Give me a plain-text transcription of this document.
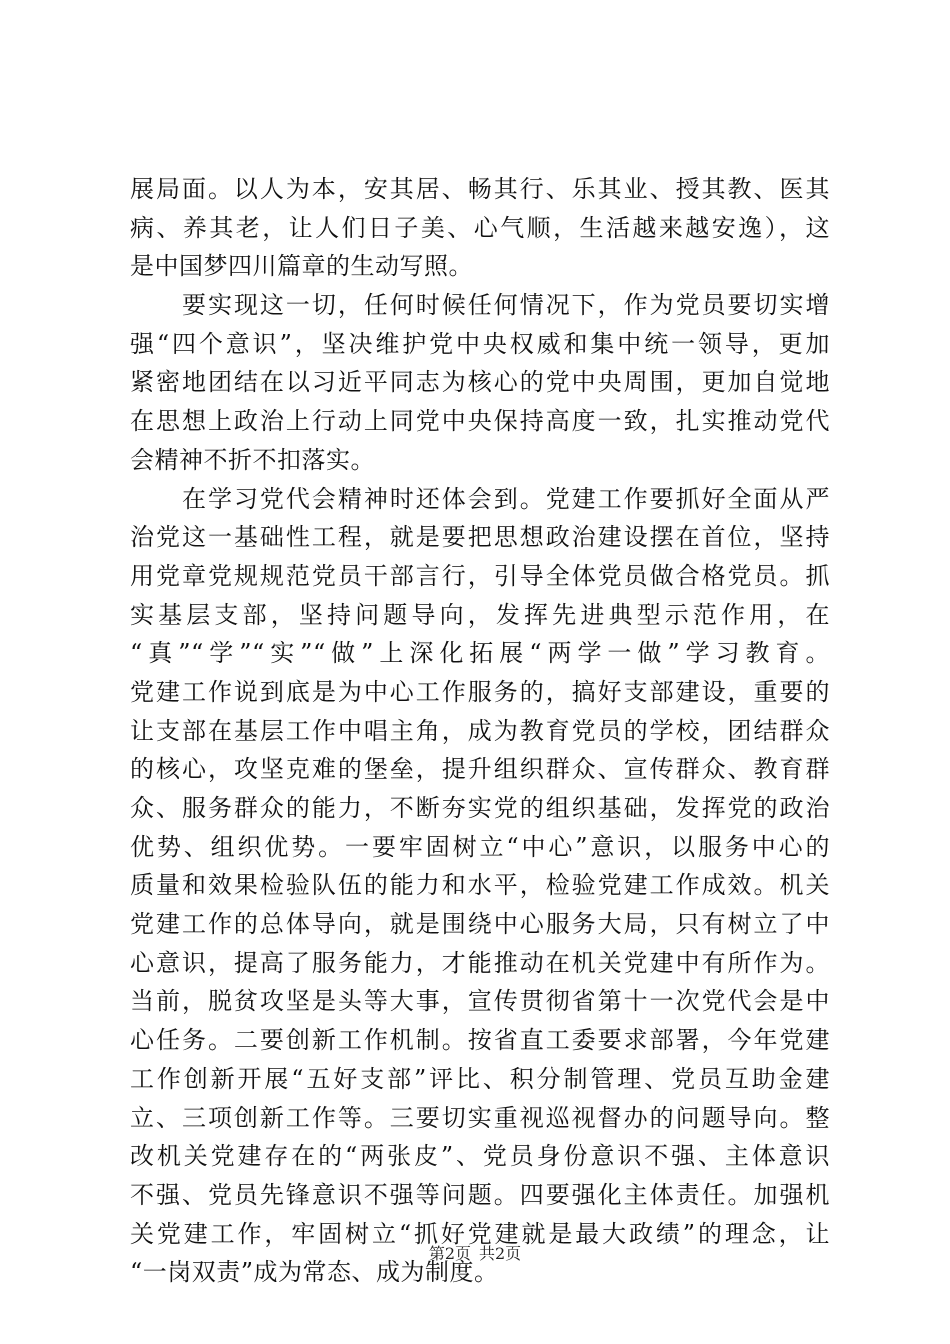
展局面。以人为本，安其居、畅其行、乐其业、授其教、医其
病、养其老，让人们日子美、心气顺，生活越来越安逸），这
是中国梦四川篇章的生动写照。
要实现这一切，任何时候任何情况下，作为党员要切实增
强“四个意识”，坚决维护党中央权威和集中统一领导，更加
紧密地团结在以习近平同志为核心的党中央周围，更加自觉地
在思想上政治上行动上同党中央保持高度一致，扎实推动党代
会精神不折不扣落实。
在学习党代会精神时还体会到。党建工作要抓好全面从严
治党这一基础性工程，就是要把思想政治建设摆在首位，坚持
用党章党规规范党员干部言行，引导全体党员做合格党员。抓
实基层支部，坚持问题导向，发挥先进典型示范作用，在
“真”“学”“实”“做”上深化拓展“两学一做”学习教育。
党建工作说到底是为中心工作服务的，搞好支部建设，重要的
让支部在基层工作中唱主角，成为教育党员的学校，团结群众
的核心，攻坚克难的堡垒，提升组织群众、宣传群众、教育群
众、服务群众的能力，不断夯实党的组织基础，发挥党的政治
优势、组织优势。一要牢固树立“中心”意识，以服务中心的
质量和效果检验队伍的能力和水平，检验党建工作成效。机关
党建工作的总体导向，就是围绕中心服务大局，只有树立了中
心意识，提高了服务能力，才能推动在机关党建中有所作为。
当前，脱贫攻坚是头等大事，宣传贯彻省第十一次党代会是中
心任务。二要创新工作机制。按省直工委要求部署，今年党建
工作创新开展“五好支部”评比、积分制管理、党员互助金建
立、三项创新工作等。三要切实重视巡视督办的问题导向。整
改机关党建存在的“两张皮”、党员身份意识不强、主体意识
不强、党员先锋意识不强等问题。四要强化主体责任。加强机
关党建工作，牢固树立“抓好党建就是最大政绩”的理念，让
“一岗双责”成为常态、成为制度。
第2页 共2页
